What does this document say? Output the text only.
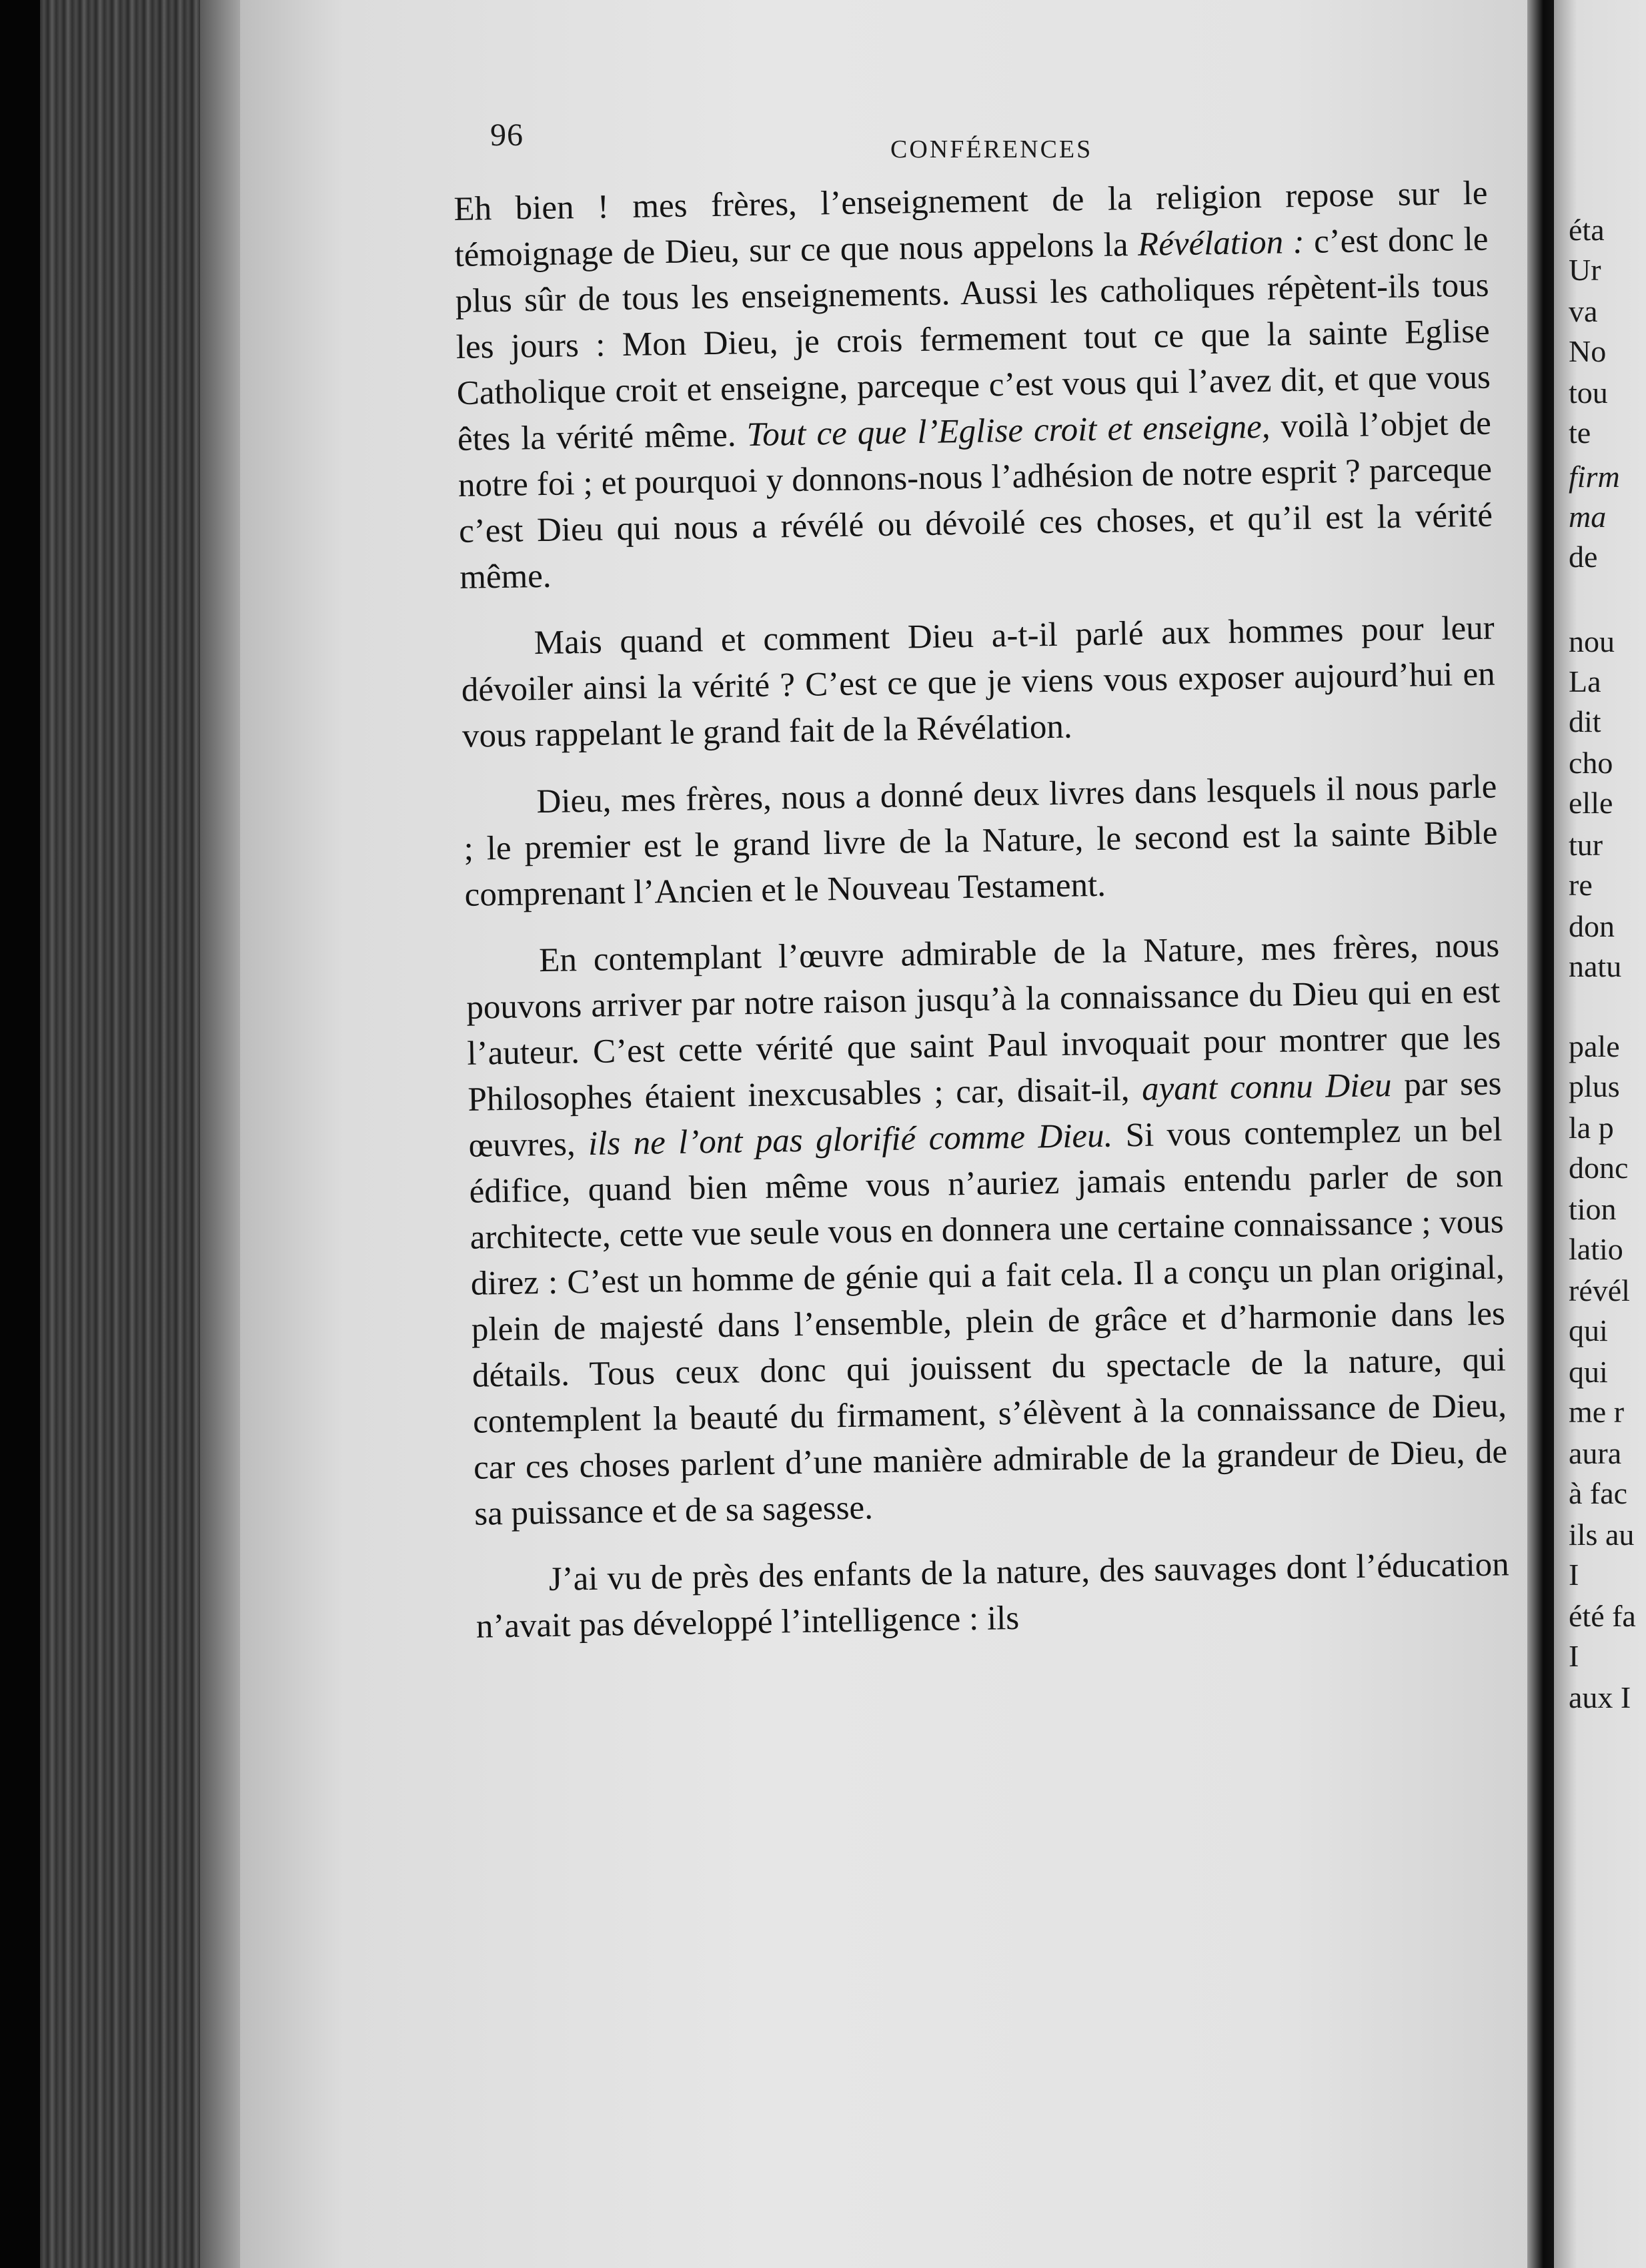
96	CONFÉRENCES

Eh bien ! mes frères, l’enseignement de la religion repose sur le témoignage de Dieu, sur ce que nous appelons la Révélation : c’est donc le plus sûr de tous les enseignements. Aussi les catholiques répètent-ils tous les jours : Mon Dieu, je crois fermement tout ce que la sainte Eglise Catholique croit et enseigne, parceque c’est vous qui l’avez dit, et que vous êtes la vérité même. Tout ce que l’Eglise croit et enseigne, voilà l’objet de notre foi ; et pourquoi y donnons-nous l’adhésion de notre esprit ? parceque c’est Dieu qui nous a révélé ou dévoilé ces choses, et qu’il est la vérité même.

Mais quand et comment Dieu a-t-il parlé aux hommes pour leur dévoiler ainsi la vérité ? C’est ce que je viens vous exposer aujourd’hui en vous rappelant le grand fait de la Révélation.

Dieu, mes frères, nous a donné deux livres dans lesquels il nous parle ; le premier est le grand livre de la Nature, le second est la sainte Bible comprenant l’Ancien et le Nouveau Testament.

En contemplant l’œuvre admirable de la Nature, mes frères, nous pouvons arriver par notre raison jusqu’à la connaissance du Dieu qui en est l’auteur. C’est cette vérité que saint Paul invoquait pour montrer que les Philosophes étaient inexcusables ; car, disait-il, ayant connu Dieu par ses œuvres, ils ne l’ont pas glorifié comme Dieu. Si vous contemplez un bel édifice, quand bien même vous n’auriez jamais entendu parler de son architecte, cette vue seule vous en donnera une certaine connaissance ; vous direz : C’est un homme de génie qui a fait cela. Il a conçu un plan original, plein de majesté dans l’ensemble, plein de grâce et d’harmonie dans les détails. Tous ceux donc qui jouissent du spectacle de la nature, qui contemplent la beauté du firmament, s’élèvent à la connaissance de Dieu, car ces choses parlent d’une manière admirable de la grandeur de Dieu, de sa puissance et de sa sagesse.

J’ai vu de près des enfants de la nature, des sauvages dont l’éducation n’avait pas développé l’intelligence : ils

éta
Ur
va
No
tou
te
firm
ma
de
nou
La
dit
cho
elle
tur
re
don
natu
pale
plus
la p
donc
tion
latio
révél
qui
qui
me r
aura
à fac
ils au
I
été fa
I
aux I
